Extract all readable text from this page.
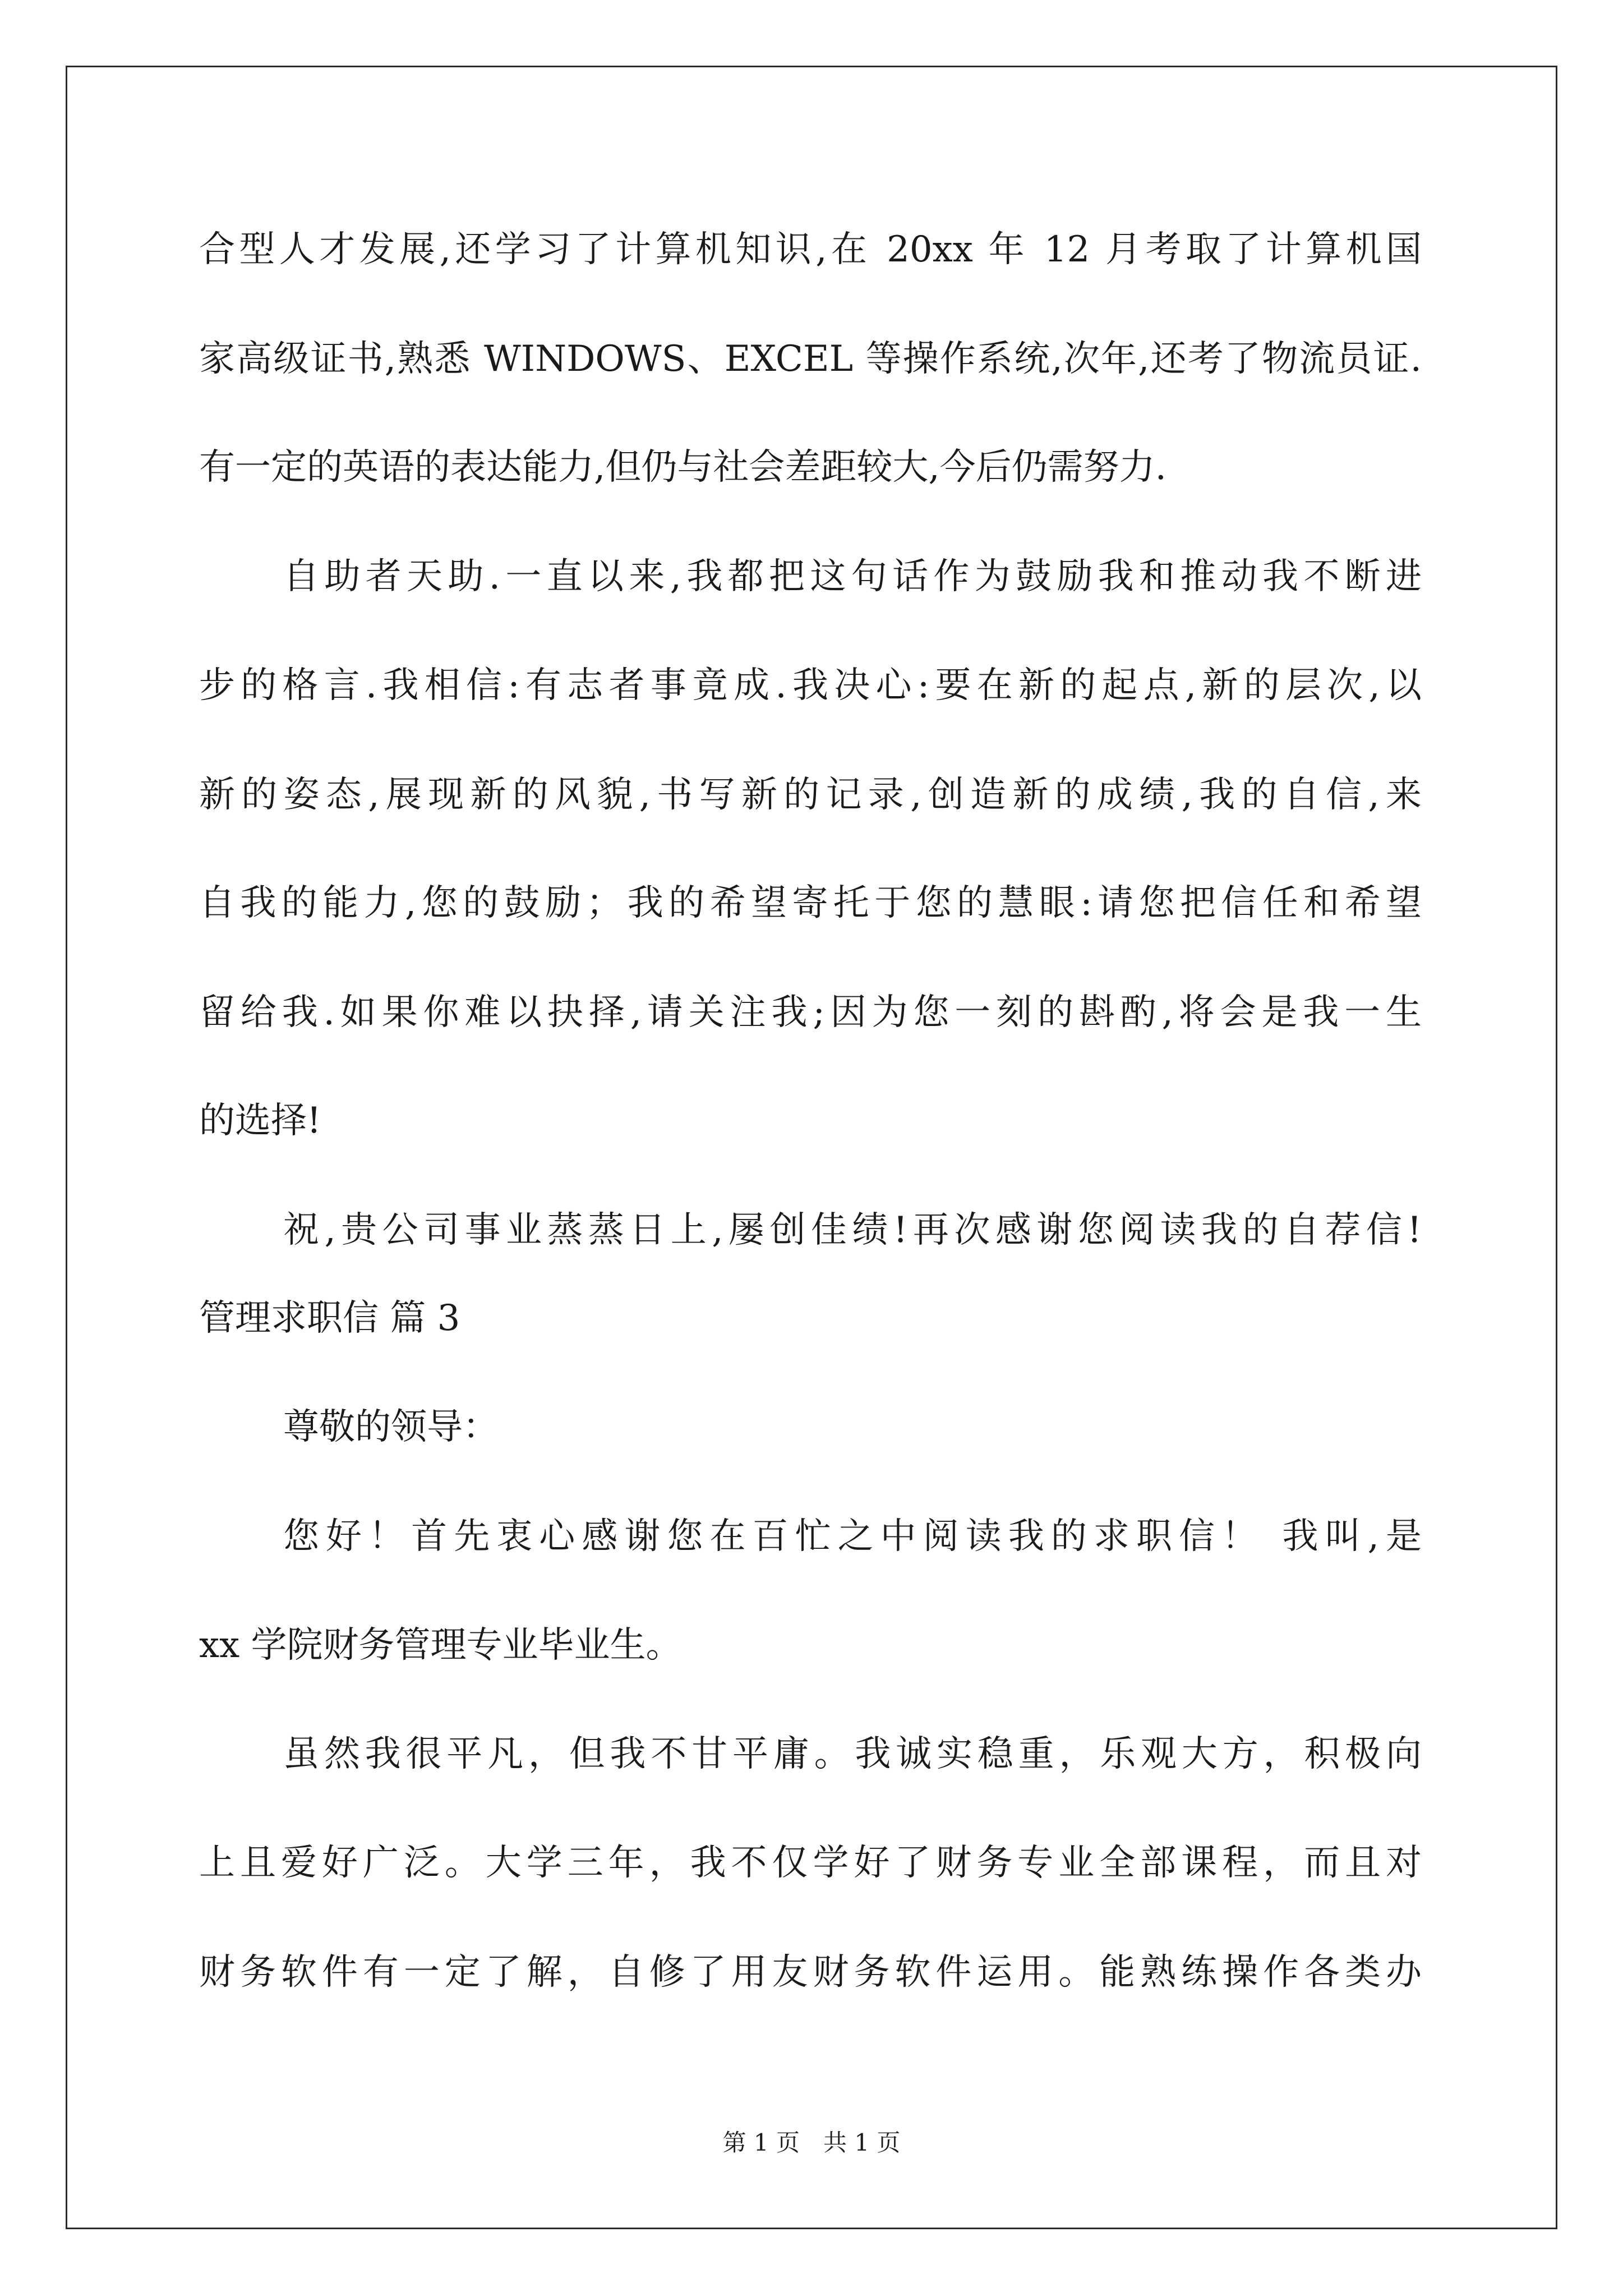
合型人才发展,还学习了计算机知识,在 20xx 年 12 月考取了计算机国
家高级证书,熟悉 WINDOWS、EXCEL 等操作系统,次年,还考了物流员证.
有一定的英语的表达能力,但仍与社会差距较大,今后仍需努力.
自助者天助.一直以来,我都把这句话作为鼓励我和推动我不断进
步的格言.我相信:有志者事竟成.我决心:要在新的起点,新的层次,以
新的姿态,展现新的风貌,书写新的记录,创造新的成绩,我的自信,来
自我的能力,您的鼓励；我的希望寄托于您的慧眼:请您把信任和希望
留给我.如果你难以抉择,请关注我;因为您一刻的斟酌,将会是我一生
的选择!
祝,贵公司事业蒸蒸日上,屡创佳绩!再次感谢您阅读我的自荐信!
管理求职信 篇 3
尊敬的领导：
您好！首先衷心感谢您在百忙之中阅读我的求职信！ 我叫,是
xx 学院财务管理专业毕业生。
虽然我很平凡，但我不甘平庸。我诚实稳重，乐观大方，积极向
上且爱好广泛。大学三年，我不仅学好了财务专业全部课程，而且对
财务软件有一定了解，自修了用友财务软件运用。能熟练操作各类办
第 1 页　共 1 页
